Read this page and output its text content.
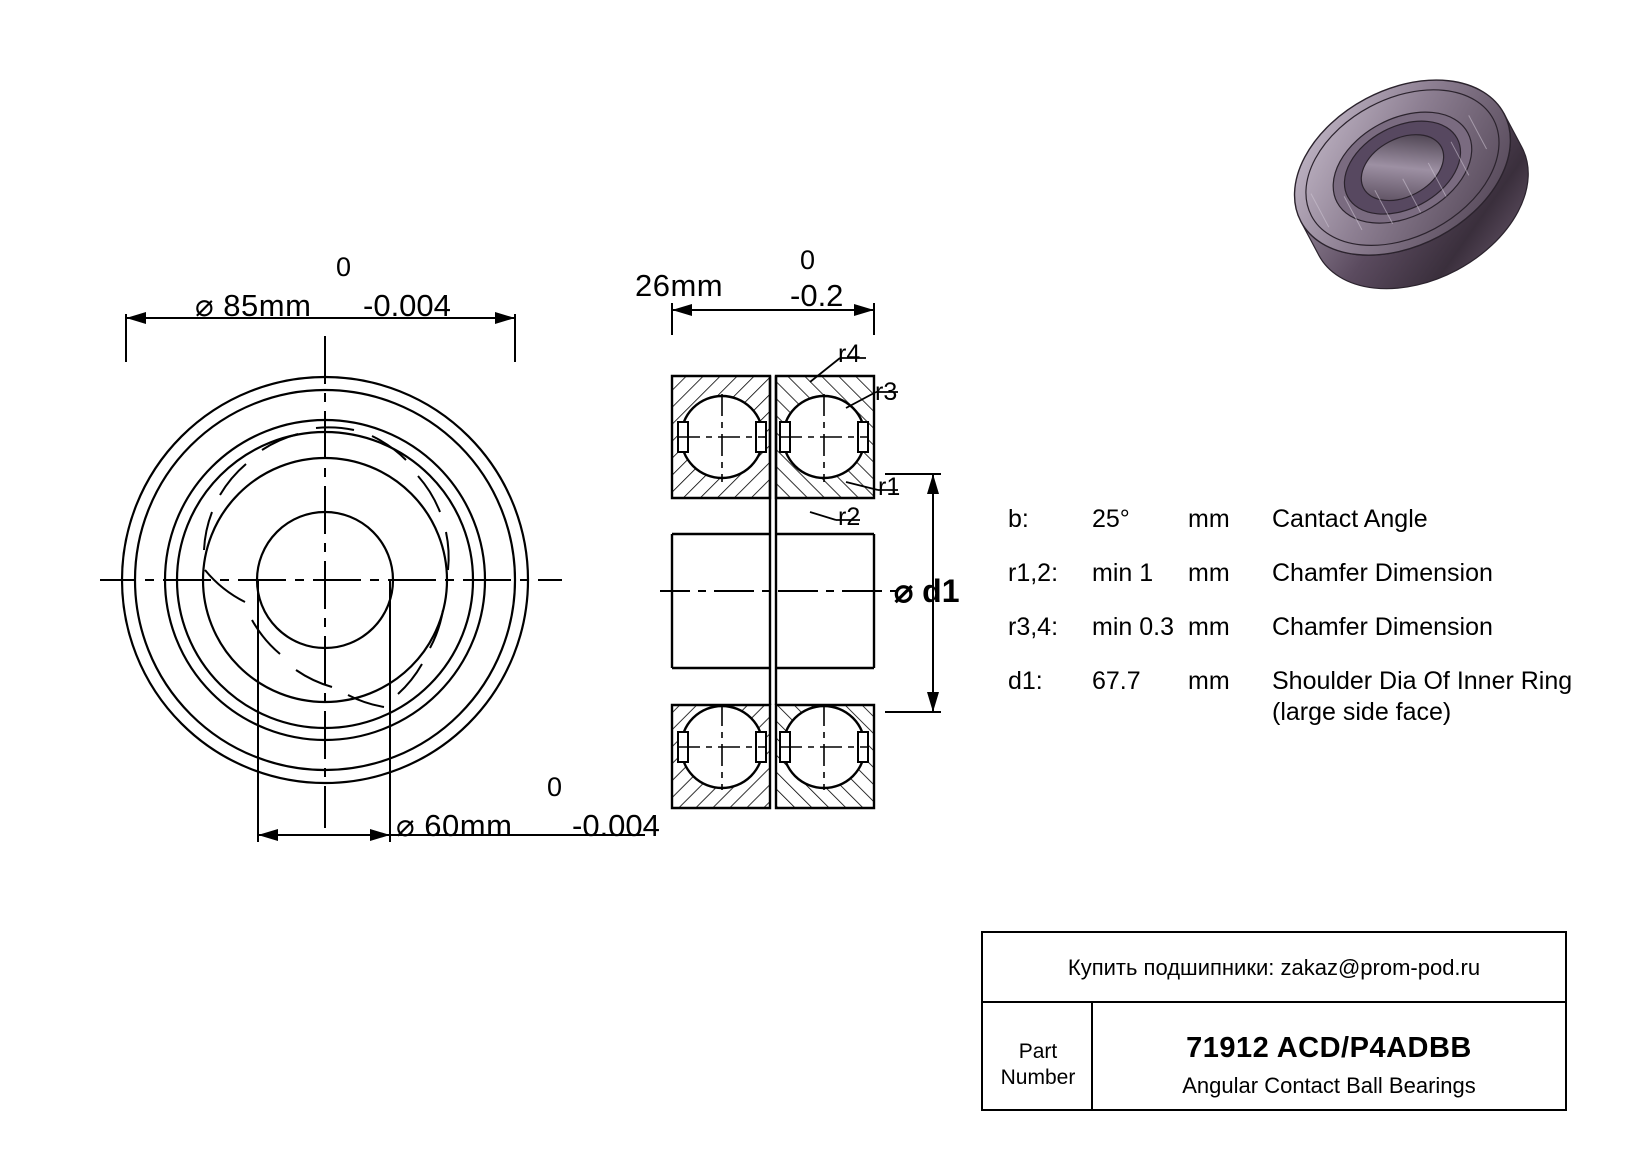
⌀ 85mm
0
-0.004
⌀ 60mm
0
-0.004
26mm
0
-0.2
r4
r3
r1
r2
⌀ d1
b:	25°	mm	Cantact Angle
r1,2:	min 1	mm	Chamfer Dimension
r3,4:	min 0.3 mm	Chamfer Dimension
d1:	67.7	mm	Shoulder Dia Of Inner Ring
(large side face)
Купить подшипники: zakaz@prom-pod.ru
Part
Number
71912 ACD/P4ADBB
Angular Contact Ball Bearings
